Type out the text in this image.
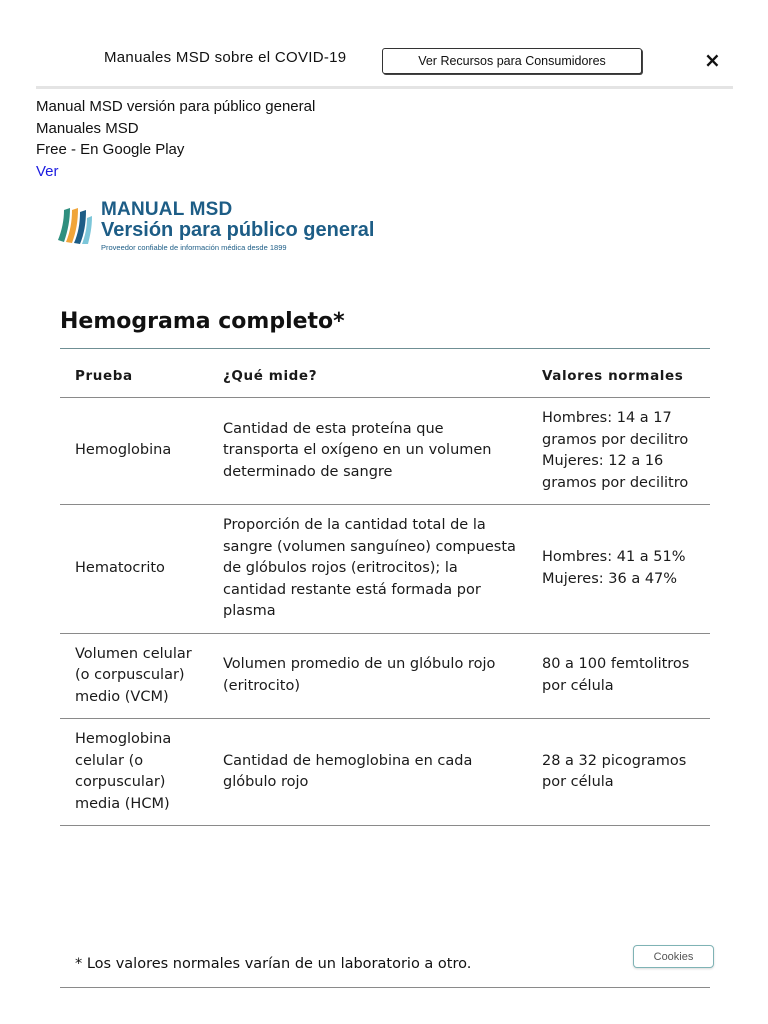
Manuales MSD sobre el COVID-19	Ver Recursos para Consumidores	×
Manual MSD versión para público general
Manuales MSD
Free - En Google Play
Ver
MANUAL MSD
Versión para público general
Proveedor confiable de información médica desde 1899
Hemograma completo*
Prueba	¿Qué mide?	Valores normales
Hemoglobina	Cantidad de esta proteína que transporta el oxígeno en un volumen determinado de sangre	Hombres: 14 a 17 gramos por decilitro
Mujeres: 12 a 16 gramos por decilitro

Hematocrito	Proporción de la cantidad total de la sangre (volumen sanguíneo) compuesta de glóbulos rojos (eritrocitos); la cantidad restante está formada por plasma	Hombres: 41 a 51%
Mujeres: 36 a 47%

Volumen celular (o corpuscular) medio (VCM)	Volumen promedio de un glóbulo rojo (eritrocito)	80 a 100 femtolitros por célula
Hemoglobina celular (o corpuscular) media (HCM)	Cantidad de hemoglobina en cada glóbulo rojo	28 a 32 picogramos por célula
Cookies
* Los valores normales varían de un laboratorio a otro.
